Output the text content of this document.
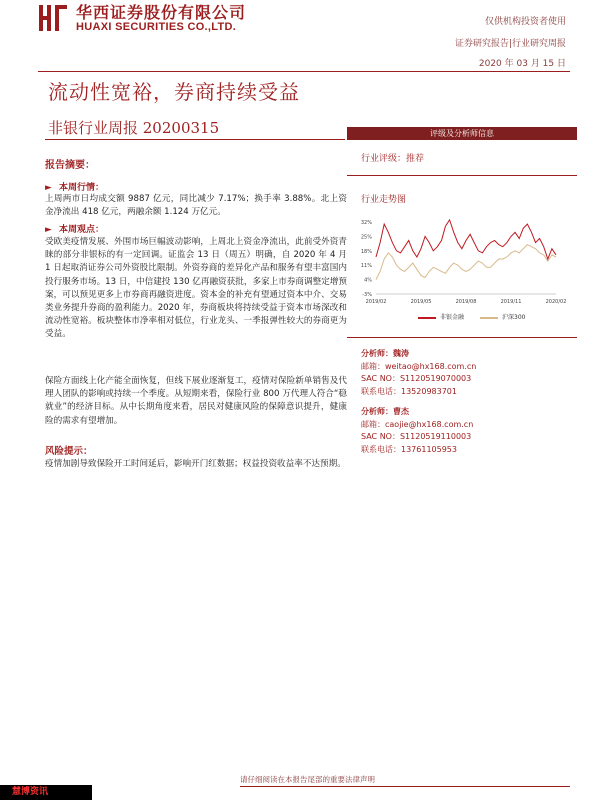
华西证券股份有限公司
HUAXI SECURITIES CO.,LTD.	仅供机构投资者使用
证券研究报告|行业研究周报
2020 年 03 月 15 日
流动性宽裕，券商持续受益
非银行业周报 20200315
报告摘要：
► 本周行情：
上周两市日均成交额 9887 亿元，同比减少 7.17%；换手率 3.88%。北上资金净流出 418 亿元，两融余额 1.124 万亿元。
► 本周观点：
受欧美疫情发展、外围市场巨幅波动影响，上周北上资金净流出，此前受外资青睐的部分非银标的有一定回调。证监会 13 日（周五）明确，自 2020 年 4 月 1 日起取消证券公司外资股比限制。外资券商的差异化产品和服务有望丰富国内投行服务市场。13 日，中信建投 130 亿再融资获批，多家上市券商调整定增预案，可以预见更多上市券商再融资进度。资本金的补充有望通过资本中介、交易类业务提升券商的盈利能力。2020 年，券商板块将持续受益于资本市场深改和流动性宽裕。板块整体市净率相对低位，行业龙头、一季报弹性较大的券商更为受益。
保险方面线上化产能全面恢复，但线下展业逐渐复工，疫情对保险新单销售及代理人团队的影响或持续一个季度。从短期来看，保险行业 800 万代理人符合“稳就业”的经济目标。从中长期角度来看，居民对健康风险的保障意识提升，健康险的需求有望增加。
风险提示：
疫情加剧导致保险开工时间延后，影响开门红数据；权益投资收益率不达预期。
评级及分析师信息
行业评级：推荐
行业走势图
32%
25%
18%
11%
4%
-3%
2019/02	2019/05	2019/08	2019/11	2020/02
非银金融	沪深300
分析师：魏涛
邮箱：weitao@hx168.com.cn
SAC NO：S1120519070003
联系电话：13520983701
分析师：曹杰
邮箱：caojie@hx168.com.cn
SAC NO：S1120519110003
联系电话：13761105953
请仔细阅读在本报告尾部的重要法律声明
慧博资讯
